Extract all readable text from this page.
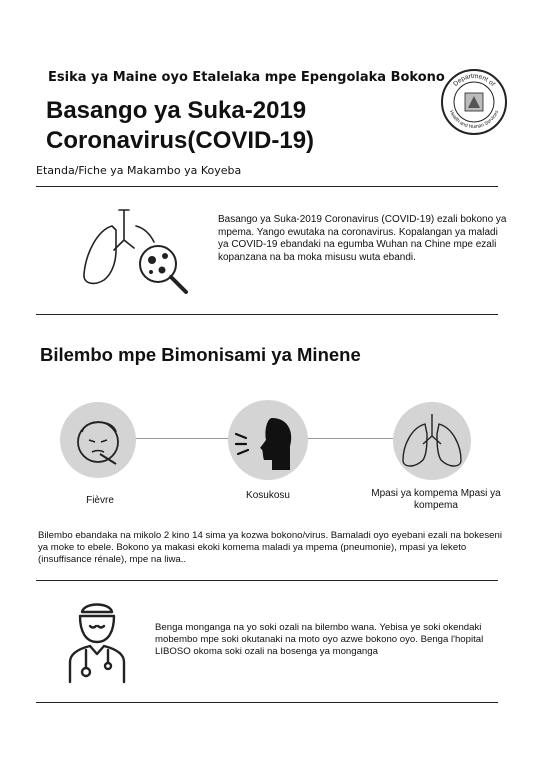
Esika ya Maine oyo Etalelaka mpe Epengolaka Bokono
Basango ya Suka-2019 Coronavirus(COVID-19)
Etanda/Fiche ya Makambo ya Koyeba
Department of
Health and Human Services
Basango ya Suka-2019 Coronavirus (COVID-19) ezali bokono ya mpema. Yango ewutaka na coronavirus. Kopalangan ya maladi ya COVID-19 ebandaki na egumba Wuhan na Chine mpe ezali kopanzana na ba moka misusu wuta ebandi.
Bilembo mpe Bimonisami ya Minene
Fièvre	Kosukosu	Mpasi ya kompema Mpasi ya kompema
Bilembo ebandaka na mikolo 2 kino 14 sima ya kozwa bokono/virus. Bamaladi oyo eyebani ezali na bokeseni ya moke to ebele. Bokono ya makasi ekoki komema maladi ya mpema (pneumonie), mpasi ya leketo (insuffisance rénale), mpe na liwa..
Benga monganga na yo soki ozali na bilembo wana. Yebisa ye soki okendaki mobembo mpe soki okutanaki na moto oyo azwe bokono oyo. Benga l'hopital LIBOSO okoma soki ozali na bosenga ya monganga
